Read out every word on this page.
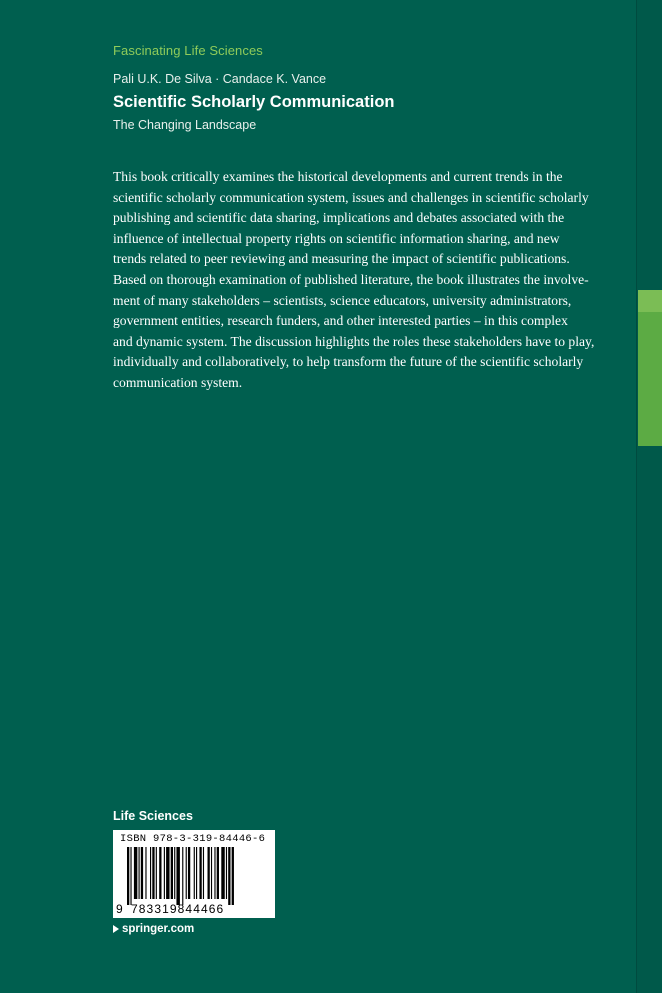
Fascinating Life Sciences
Pali U.K. De Silva · Candace K. Vance
Scientific Scholarly Communication
The Changing Landscape

This book critically examines the historical developments and current trends in the

scientific scholarly communication system, issues and challenges in scientific scholarly

publishing and scientific data sharing, implications and debates associated with the

influence of intellectual property rights on scientific information sharing, and new

trends related to peer reviewing and measuring the impact of scientific publications.

Based on thorough examination of published literature, the book illustrates the involve-

ment of many stakeholders – scientists, science educators, university administrators,

government entities, research funders, and other interested parties – in this complex

and dynamic system. The discussion highlights the roles these stakeholders have to play,

individually and collaboratively, to help transform the future of the scientific scholarly

communication system.

Life Sciences
ISBN 978-3-319-84446-6
9 783319844466
springer.com
